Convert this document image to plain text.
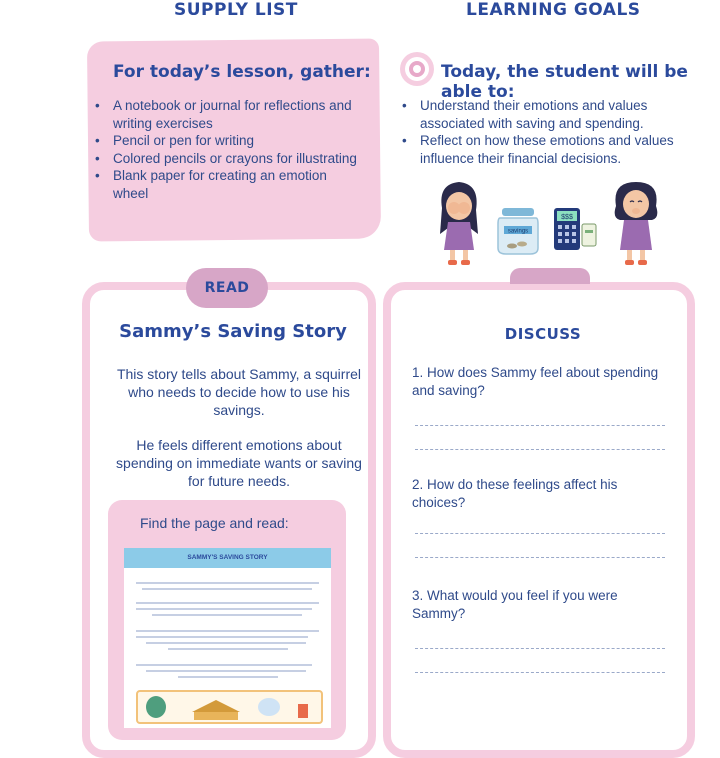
SUPPLY LIST
For today’s lesson, gather:
• A notebook or journal for reflections and writing exercises
• Pencil or pen for writing
• Colored pencils or crayons for illustrating
• Blank paper for creating an emotion wheel
LEARNING GOALS
Today, the student will be able to:
• Understand their emotions and values associated with saving and spending.
• Reflect on how these emotions and values influence their financial decisions.
savings
$$$
READ
Sammy’s Saving Story
This story tells about Sammy, a squirrel who needs to decide how to use his savings.
He feels different emotions about spending on immediate wants or saving for future needs.
Find the page and read:
SAMMY'S SAVING STORY
DISCUSS
1. How does Sammy feel about spending and saving?
2. How do these feelings affect his choices?
3. What would you feel if you were Sammy?
